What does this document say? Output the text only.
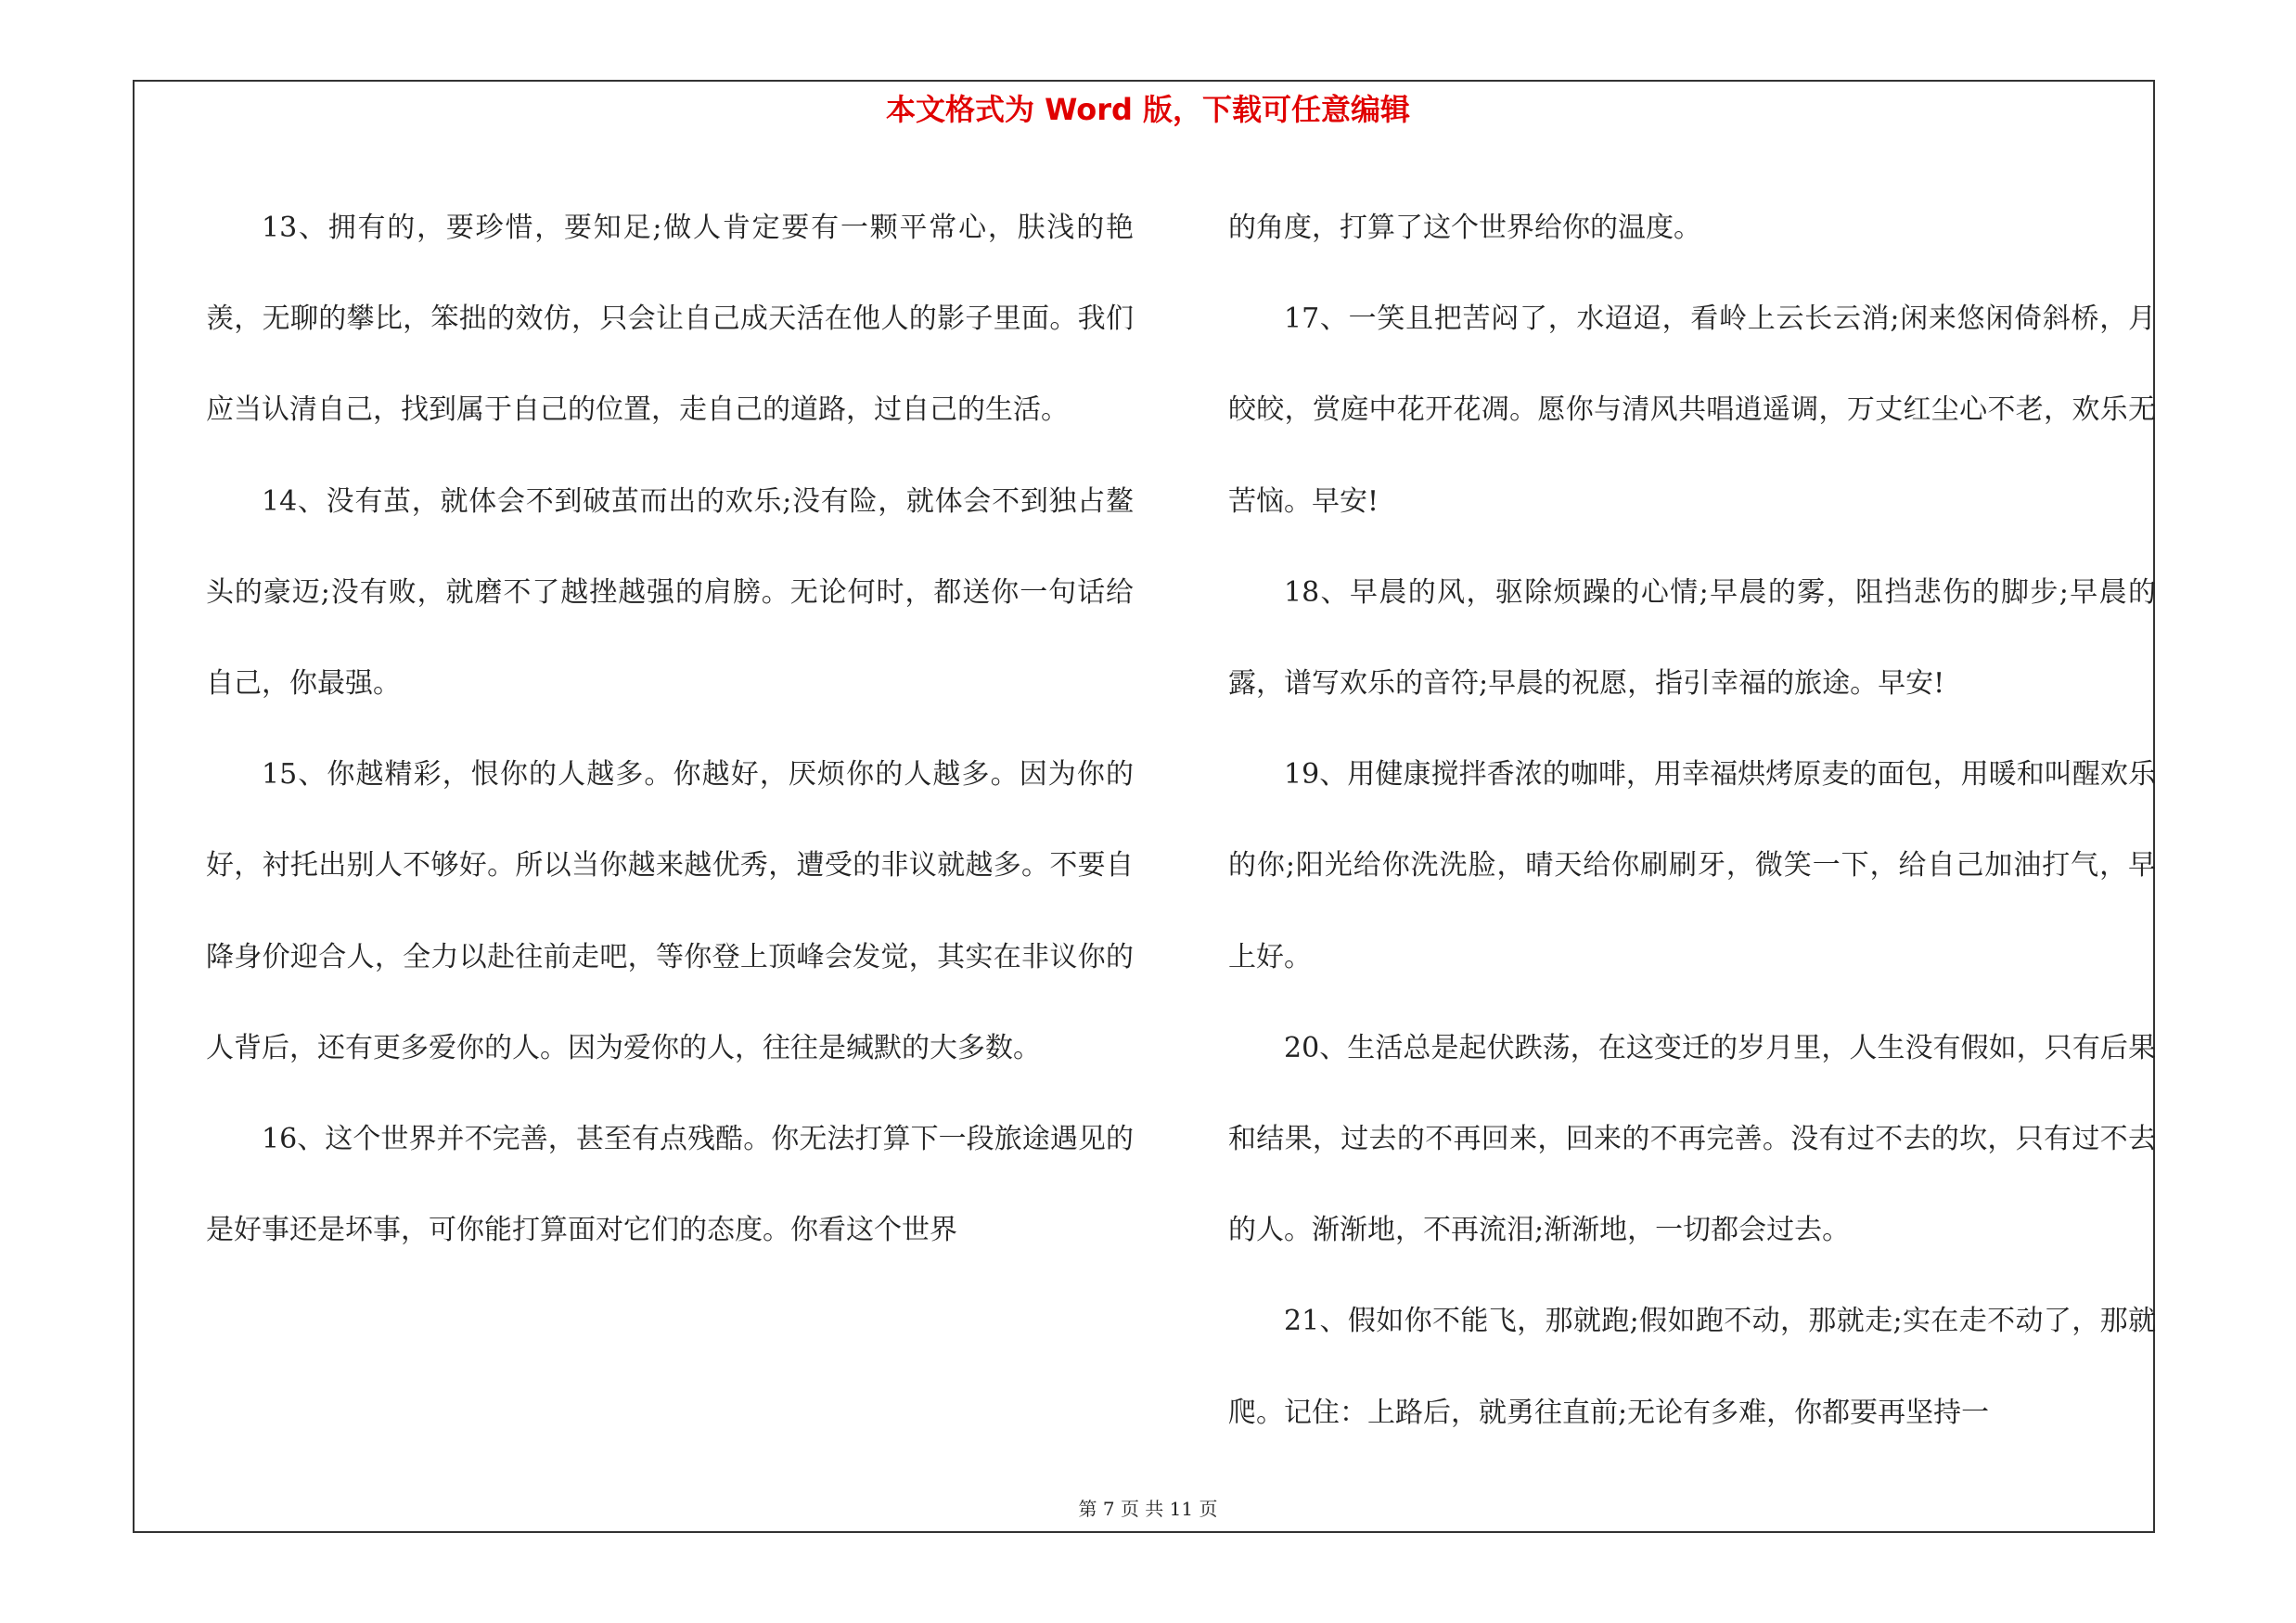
本文格式为 Word 版，下载可任意编辑

13、拥有的，要珍惜，要知足;做人肯定要有一颗平常心，肤浅的艳羡，无聊的攀比，笨拙的效仿，只会让自己成天活在他人的影子里面。我们应当认清自己，找到属于自己的位置，走自己的道路，过自己的生活。

14、没有茧，就体会不到破茧而出的欢乐;没有险，就体会不到独占鳌头的豪迈;没有败，就磨不了越挫越强的肩膀。无论何时，都送你一句话给自己，你最强。

15、你越精彩，恨你的人越多。你越好，厌烦你的人越多。因为你的好，衬托出别人不够好。所以当你越来越优秀，遭受的非议就越多。不要自降身价迎合人，全力以赴往前走吧，等你登上顶峰会发觉，其实在非议你的人背后，还有更多爱你的人。因为爱你的人，往往是缄默的大多数。

16、这个世界并不完善，甚至有点残酷。你无法打算下一段旅途遇见的是好事还是坏事，可你能打算面对它们的态度。你看这个世界

的角度，打算了这个世界给你的温度。

17、一笑且把苦闷了，水迢迢，看岭上云长云消;闲来悠闲倚斜桥，月皎皎，赏庭中花开花凋。愿你与清风共唱逍遥调，万丈红尘心不老，欢乐无苦恼。早安!

18、早晨的风，驱除烦躁的心情;早晨的雾，阻挡悲伤的脚步;早晨的露，谱写欢乐的音符;早晨的祝愿，指引幸福的旅途。早安!

19、用健康搅拌香浓的咖啡，用幸福烘烤原麦的面包，用暖和叫醒欢乐的你;阳光给你洗洗脸，晴天给你刷刷牙，微笑一下，给自己加油打气，早上好。

20、生活总是起伏跌荡，在这变迁的岁月里，人生没有假如，只有后果和结果，过去的不再回来，回来的不再完善。没有过不去的坎，只有过不去的人。渐渐地，不再流泪;渐渐地，一切都会过去。

21、假如你不能飞，那就跑;假如跑不动，那就走;实在走不动了，那就爬。记住：上路后，就勇往直前;无论有多难，你都要再坚持一

第 7 页 共 11 页
